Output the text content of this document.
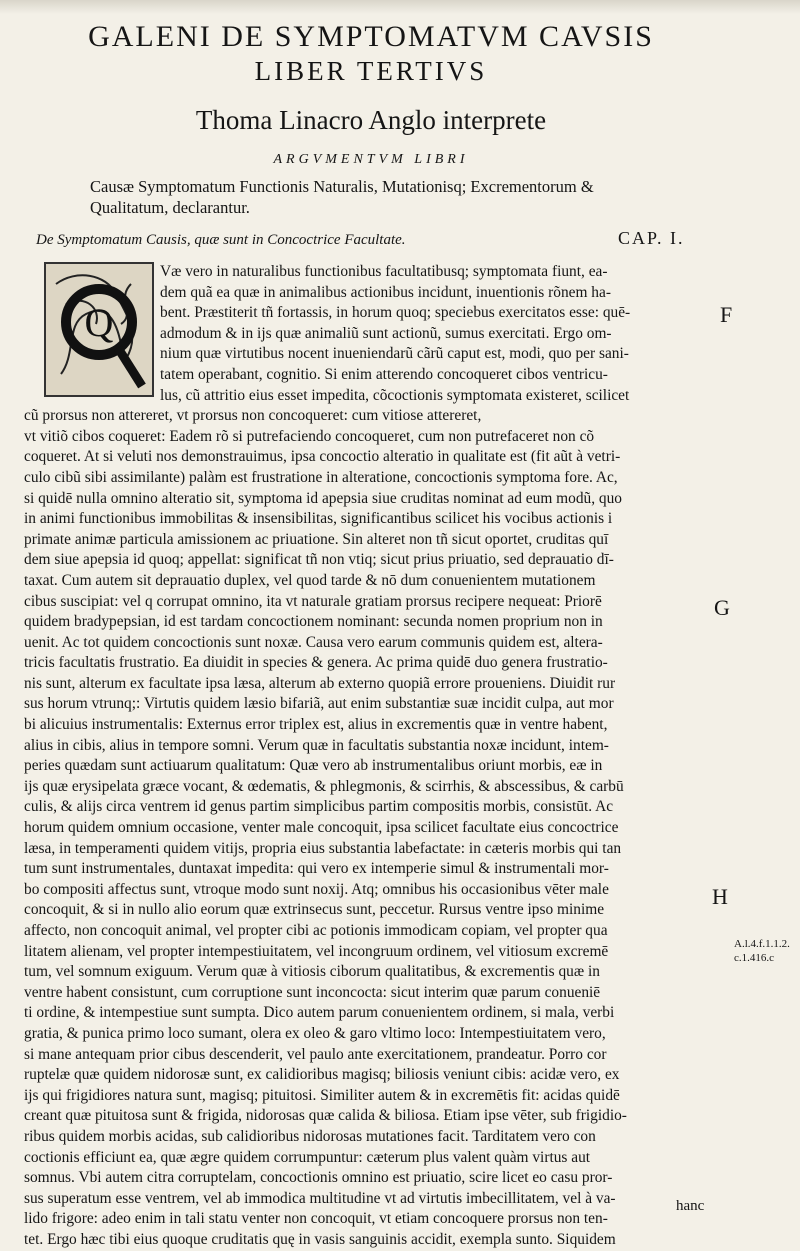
GALENI DE SYMPTOMATVM CAVSIS
LIBER TERTIVS
Thoma Linacro Anglo interprete
ARGVMENTVM LIBRI
Causæ Symptomatum Functionis Naturalis, Mutationisq; Excrementorum & Qualitatum, declarantur.
De Symptomatum Causis, quæ sunt in Concoctrice Facultate.	CAP. I.
Væ vero in naturalibus functionibus facultatibusq; symptomata fiunt, ea-
dem quã ea quæ in animalibus actionibus incidunt, inuentionis rõnem ha-
bent. Præstiterit tñ fortassis, in horum quoq; speciebus exercitatos esse: quē-
admodum & in ijs quæ animaliũ sunt actionũ, sumus exercitati. Ergo om-
nium quæ virtutibus nocent inueniendarũ cãrũ caput est, modi, quo per sani-
tatem operabant, cognitio. Si enim atterendo concoqueret cibos ventricu-
lus, cũ attritio eius esset impedita, cõcoctionis symptomata existeret, scilicet
cũ prorsus non attereret, vt prorsus non concoqueret: cum vitiose attereret,
vt vitiõ cibos coqueret: Eadem rõ si putrefaciendo concoqueret, cum non putrefaceret non cõ
coqueret. At si veluti nos demonstrauimus, ipsa concoctio alteratio in qualitate est (fit aũt à vetri-
culo cibũ sibi assimilante) palàm est frustratione in alteratione, concoctionis symptoma fore. Ac,
si quidē nulla omnino alteratio sit, symptoma id apepsia siue cruditas nominat ad eum modũ, quo
in animi functionibus immobilitas & insensibilitas, significantibus scilicet his vocibus actionis i
primate animæ particula amissionem ac priuatione. Sin alteret non tñ sicut oportet, cruditas quī
dem siue apepsia id quoq; appellat: significat tñ non vtiq; sicut prius priuatio, sed deprauatio dī-
taxat. Cum autem sit deprauatio duplex, vel quod tarde & nō dum conuenientem mutationem
cibus suscipiat: vel q corrupat omnino, ita vt naturale gratiam prorsus recipere nequeat: Priorē
quidem bradypepsian, id est tardam concoctionem nominant: secunda nomen proprium non in
uenit. Ac tot quidem concoctionis sunt noxæ. Causa vero earum communis quidem est, altera-
tricis facultatis frustratio. Ea diuidit in species & genera. Ac prima quidē duo genera frustratio-
nis sunt, alterum ex facultate ipsa læsa, alterum ab externo quopiã errore proueniens. Diuidit rur
sus horum vtrunq;: Virtutis quidem læsio bifariã, aut enim substantiæ suæ incidit culpa, aut mor
bi alicuius instrumentalis: Externus error triplex est, alius in excrementis quæ in ventre habent,
alius in cibis, alius in tempore somni. Verum quæ in facultatis substantia noxæ incidunt, intem-
peries quædam sunt actiuarum qualitatum: Quæ vero ab instrumentalibus oriunt morbis, eæ in
ijs quæ erysipelata græce vocant, & œdematis, & phlegmonis, & scirrhis, & abscessibus, & carbū
culis, & alijs circa ventrem id genus partim simplicibus partim compositis morbis, consistūt. Ac
horum quidem omnium occasione, venter male concoquit, ipsa scilicet facultate eius concoctrice
læsa, in temperamenti quidem vitijs, propria eius substantia labefactate: in cæteris morbis qui tan
tum sunt instrumentales, duntaxat impedita: qui vero ex intemperie simul & instrumentali mor-
bo compositi affectus sunt, vtroque modo sunt noxij. Atq; omnibus his occasionibus vēter male
concoquit, & si in nullo alio eorum quæ extrinsecus sunt, peccetur. Rursus ventre ipso minime
affecto, non concoquit animal, vel propter cibi ac potionis immodicam copiam, vel propter qua
litatem alienam, vel propter intempestiuitatem, vel incongruum ordinem, vel vitiosum excremē
tum, vel somnum exiguum. Verum quæ à vitiosis ciborum qualitatibus, & excrementis quæ in
ventre habent consistunt, cum corruptione sunt inconcocta: sicut interim quæ parum conueniē
ti ordine, & intempestiue sunt sumpta. Dico autem parum conuenientem ordinem, si mala, verbi
gratia, & punica primo loco sumant, olera ex oleo & garo vltimo loco: Intempestiuitatem vero,
si mane antequam prior cibus descenderit, vel paulo ante exercitationem, prandeatur. Porro cor
ruptelæ quæ quidem nidorosæ sunt, ex calidioribus magisq; biliosis veniunt cibis: acidæ vero, ex
ijs qui frigidiores natura sunt, magisq; pituitosi. Similiter autem & in excremētis fit: acidas quidē
creant quæ pituitosa sunt & frigida, nidorosas quæ calida & biliosa. Etiam ipse vēter, sub frigidio-
ribus quidem morbis acidas, sub calidioribus nidorosas mutationes facit. Tarditatem vero con
coctionis efficiunt ea, quæ ægre quidem corrumpuntur: cæterum plus valent quàm virtus aut
somnus. Vbi autem citra corruptelam, concoctionis omnino est priuatio, scire licet eo casu pror-
sus superatum esse ventrem, vel ab immodica multitudine vt ad virtutis imbecillitatem, vel à va-
lido frigore: adeo enim in tali statu venter non concoquit, vt etiam concoquere prorsus non ten-
tet. Ergo hæc tibi eius quoque cruditatis quę in vasis sanguinis accidit, exempla sunto. Siquidem
Q	F
G
H
A.l.4.f.1.1.2. c.1.416.c
hanc
